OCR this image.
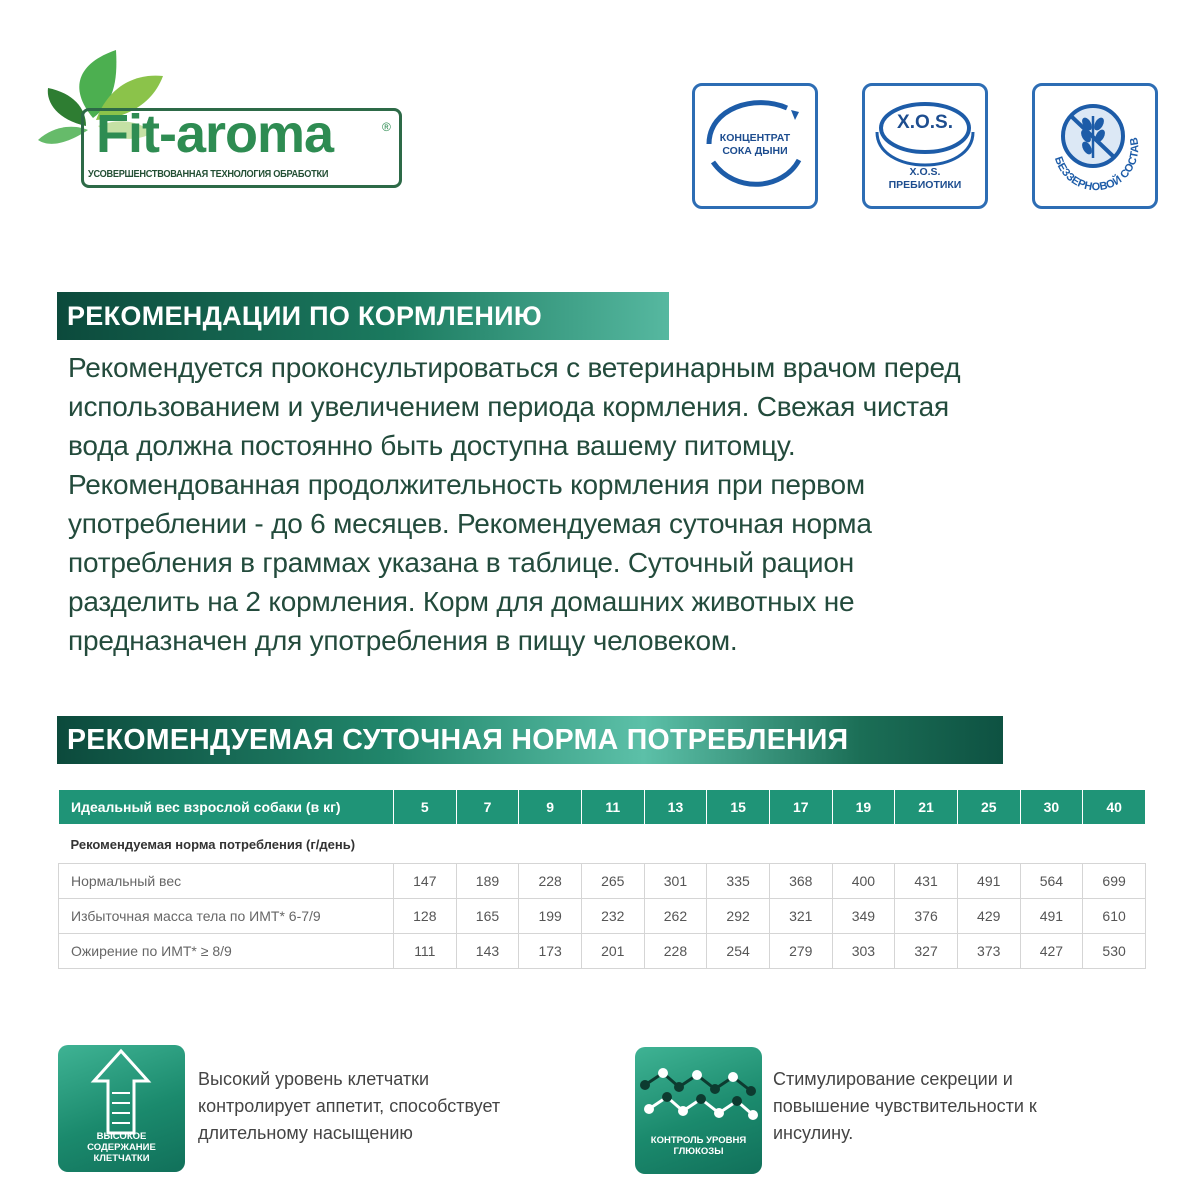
Fit-aroma	®
УСОВЕРШЕНСТВОВАННАЯ ТЕХНОЛОГИЯ ОБРАБОТКИ
КОНЦЕНТРАТ
СОКА ДЫНИ
X.O.S.
X.O.S.
ПРЕБИОТИКИ
БЕЗЗЕРНОВОЙ СОСТАВ
РЕКОМЕНДАЦИИ ПО КОРМЛЕНИЮ

Рекомендуется проконсультироваться с ветеринарным врачом перед

использованием и увеличением периода кормления. Свежая чистая

вода должна постоянно быть доступна вашему питомцу.

Рекомендованная продолжительность кормления при первом

употреблении - до 6 месяцев. Рекомендуемая суточная норма

потребления в граммах указана в таблице. Суточный рацион

разделить на 2 кормления. Корм для домашних животных не

предназначен для употребления в пищу человеком.

РЕКОМЕНДУЕМАЯ СУТОЧНАЯ НОРМА ПОТРЕБЛЕНИЯ
Идеальный вес взрослой собаки (в кг)	5	7	9	11	13	15	17	19	21	25	30	40
Рекомендуемая норма потребления (г/день)												
Нормальный вес	147	189	228	265	301	335	368	400	431	491	564	699
Избыточная масса тела по ИМТ* 6-7/9	128	165	199	232	262	292	321	349	376	429	491	610
Ожирение по ИМТ* ≥ 8/9	111	143	173	201	228	254	279	303	327	373	427	530
ВЫСОКОЕ
СОДЕРЖАНИЕ
КЛЕТЧАТКИ
Высокий уровень клетчатки
контролирует аппетит, способствует
длительному насыщению	КОНТРОЛЬ УРОВНЯ
ГЛЮКОЗЫ
Стимулирование секреции и
повышение чувствительности к
инсулину.
